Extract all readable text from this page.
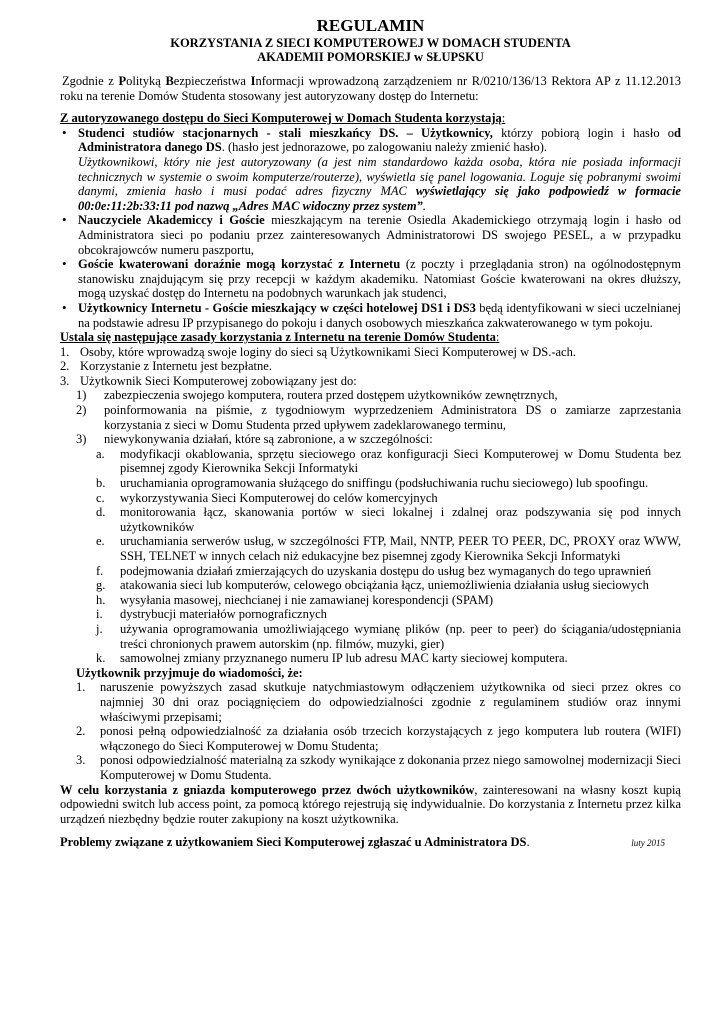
REGULAMIN
KORZYSTANIA Z SIECI KOMPUTEROWEJ W DOMACH STUDENTA
AKADEMII POMORSKIEJ w SŁUPSKU

Zgodnie z Polityką Bezpieczeństwa Informacji wprowadzoną zarządzeniem nr R/0210/136/13 Rektora AP z 11.12.2013 roku na terenie Domów Studenta stosowany jest autoryzowany dostęp do Internetu:

Z autoryzowanego dostępu do Sieci Komputerowej w Domach Studenta korzystają:
• Studenci studiów stacjonarnych - stali mieszkańcy DS. – Użytkownicy, którzy pobiorą login i hasło od Administratora danego DS. (hasło jest jednorazowe, po zalogowaniu należy zmienić hasło).
Użytkownikowi, który nie jest autoryzowany (a jest nim standardowo każda osoba, która nie posiada informacji technicznych w systemie o swoim komputerze/routerze), wyświetla się panel logowania. Loguje się pobranymi swoimi danymi, zmienia hasło i musi podać adres fizyczny MAC wyświetlający się jako podpowiedź w formacie 00:0e:11:2b:33:11 pod nazwą „Adres MAC widoczny przez system”.
• Nauczyciele Akademiccy i Goście mieszkającym na terenie Osiedla Akademickiego otrzymają login i hasło od Administratora sieci po podaniu przez zainteresowanych Administratorowi DS swojego PESEL, a w przypadku obcokrajowców numeru paszportu,
• Goście kwaterowani doraźnie mogą korzystać z Internetu (z poczty i przeglądania stron) na ogólnodostępnym stanowisku znajdującym się przy recepcji w każdym akademiku. Natomiast Goście kwaterowani na okres dłuższy, mogą uzyskać dostęp do Internetu na podobnych warunkach jak studenci,
• Użytkownicy Internetu - Goście mieszkający w części hotelowej DS1 i DS3 będą identyfikowani w sieci uczelnianej na podstawie adresu IP przypisanego do pokoju i danych osobowych mieszkańca zakwaterowanego w tym pokoju.
Ustala się następujące zasady korzystania z Internetu na terenie Domów Studenta:
1. Osoby, które wprowadzą swoje loginy do sieci są Użytkownikami Sieci Komputerowej w DS.-ach.
2. Korzystanie z Internetu jest bezpłatne.
3. Użytkownik Sieci Komputerowej zobowiązany jest do:
1) zabezpieczenia swojego komputera, routera przed dostępem użytkowników zewnętrznych,
2) poinformowania na piśmie, z tygodniowym wyprzedzeniem Administratora DS o zamiarze zaprzestania korzystania z sieci w Domu Studenta przed upływem zadeklarowanego terminu,
3) niewykonywania działań, które są zabronione, a w szczególności:
a. modyfikacji okablowania, sprzętu sieciowego oraz konfiguracji Sieci Komputerowej w Domu Studenta bez pisemnej zgody Kierownika Sekcji Informatyki
b. uruchamiania oprogramowania służącego do sniffingu (podsłuchiwania ruchu sieciowego) lub spoofingu.
c. wykorzystywania Sieci Komputerowej do celów komercyjnych
d. monitorowania łącz, skanowania portów w sieci lokalnej i zdalnej oraz podszywania się pod innych użytkowników
e. uruchamiania serwerów usług, w szczególności FTP, Mail, NNTP, PEER TO PEER, DC, PROXY oraz WWW, SSH, TELNET w innych celach niż edukacyjne bez pisemnej zgody Kierownika Sekcji Informatyki
f. podejmowania działań zmierzających do uzyskania dostępu do usług bez wymaganych do tego uprawnień
g. atakowania sieci lub komputerów, celowego obciążania łącz, uniemożliwienia działania usług sieciowych
h. wysyłania masowej, niechcianej i nie zamawianej korespondencji (SPAM)
i. dystrybucji materiałów pornograficznych
j. używania oprogramowania umożliwiającego wymianę plików (np. peer to peer) do ściągania/udostępniania treści chronionych prawem autorskim (np. filmów, muzyki, gier)
k. samowolnej zmiany przyznanego numeru IP lub adresu MAC karty sieciowej komputera.
Użytkownik przyjmuje do wiadomości, że:
1. naruszenie powyższych zasad skutkuje natychmiastowym odłączeniem użytkownika od sieci przez okres co najmniej 30 dni oraz pociągnięciem do odpowiedzialności zgodnie z regulaminem studiów oraz innymi właściwymi przepisami;
2. ponosi pełną odpowiedzialność za działania osób trzecich korzystających z jego komputera lub routera (WIFI) włączonego do Sieci Komputerowej w Domu Studenta;
3. ponosi odpowiedzialność materialną za szkody wynikające z dokonania przez niego samowolnej modernizacji Sieci Komputerowej w Domu Studenta.
W celu korzystania z gniazda komputerowego przez dwóch użytkowników, zainteresowani na własny koszt kupią odpowiedni switch lub access point, za pomocą którego rejestrują się indywidualnie. Do korzystania z Internetu przez kilka urządzeń niezbędny będzie router zakupiony na koszt użytkownika.
Problemy związane z użytkowaniem Sieci Komputerowej zgłaszać u Administratora DS.	luty 2015
